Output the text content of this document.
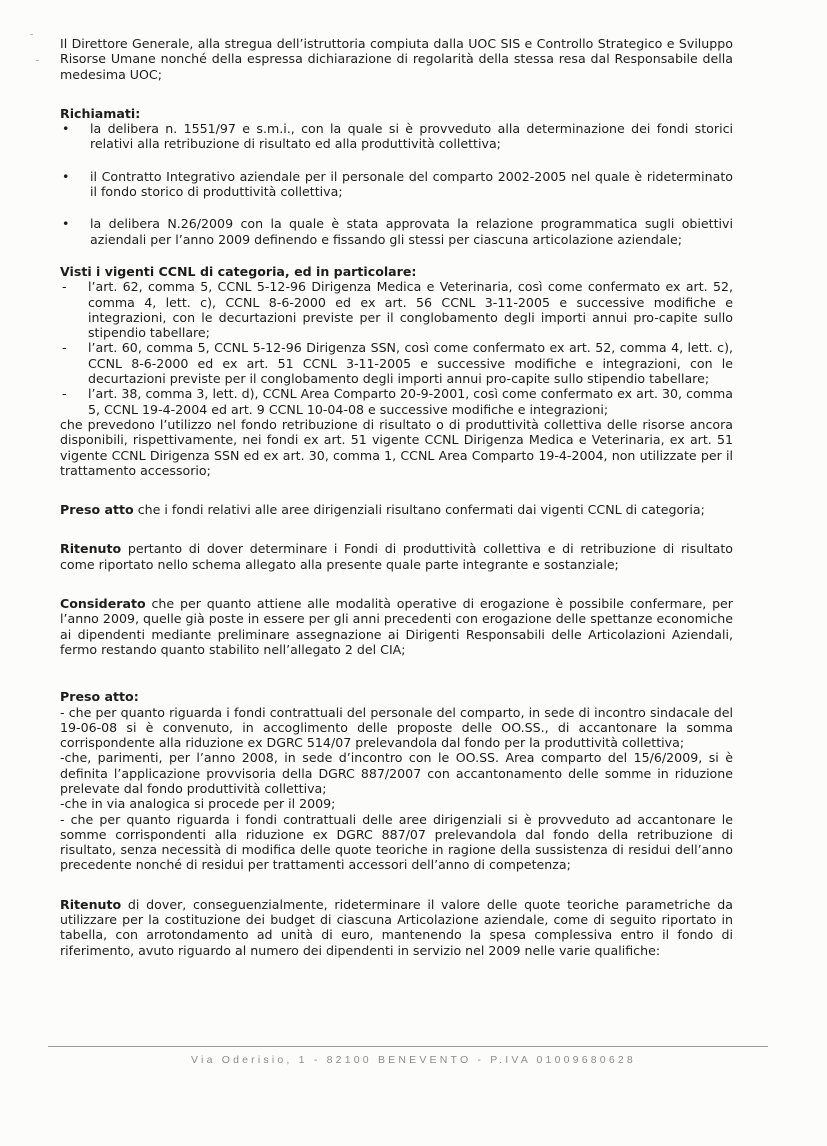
Il Direttore Generale, alla stregua dell’istruttoria compiuta dalla UOC SIS e Controllo Strategico e Sviluppo Risorse Umane nonché della espressa dichiarazione di regolarità della stessa resa dal Responsabile della medesima UOC;

Richiamati:

•	la delibera n. 1551/97 e s.m.i., con la quale si è provveduto alla determinazione dei fondi storici relativi alla retribuzione di risultato ed alla produttività collettiva;
•	il Contratto Integrativo aziendale per il personale del comparto 2002-2005 nel quale è rideterminato il fondo storico di produttività collettiva;
•	la delibera N.26/2009 con la quale è stata approvata la relazione programmatica sugli obiettivi aziendali per l’anno 2009 definendo e fissando gli stessi per ciascuna articolazione aziendale;

Visti i vigenti CCNL di categoria, ed in particolare:

-	l’art. 62, comma 5, CCNL 5-12-96 Dirigenza Medica e Veterinaria, così come confermato ex art. 52, comma 4, lett. c), CCNL 8-6-2000 ed ex art. 56 CCNL 3-11-2005 e successive modifiche e integrazioni, con le decurtazioni previste per il conglobamento degli importi annui pro-capite sullo stipendio tabellare;
-	l’art. 60, comma 5, CCNL 5-12-96 Dirigenza SSN, così come confermato ex art. 52, comma 4, lett. c), CCNL 8-6-2000 ed ex art. 51 CCNL 3-11-2005 e successive modifiche e integrazioni, con le decurtazioni previste per il conglobamento degli importi annui pro-capite sullo stipendio tabellare;
-	l’art. 38, comma 3, lett. d), CCNL Area Comparto 20-9-2001, così come confermato ex art. 30, comma 5, CCNL 19-4-2004 ed art. 9 CCNL 10-04-08 e successive modifiche e integrazioni;

che prevedono l’utilizzo nel fondo retribuzione di risultato o di produttività collettiva delle risorse ancora disponibili, rispettivamente, nei fondi ex art. 51 vigente CCNL Dirigenza Medica e Veterinaria, ex art. 51 vigente CCNL Dirigenza SSN ed ex art. 30, comma 1, CCNL Area Comparto 19-4-2004, non utilizzate per il trattamento accessorio;

Preso atto che i fondi relativi alle aree dirigenziali risultano confermati dai vigenti CCNL di categoria;

Ritenuto pertanto di dover determinare i Fondi di produttività collettiva e di retribuzione di risultato come riportato nello schema allegato alla presente quale parte integrante e sostanziale;

Considerato che per quanto attiene alle modalità operative di erogazione è possibile confermare, per l’anno 2009, quelle già poste in essere per gli anni precedenti con erogazione delle spettanze economiche ai dipendenti mediante preliminare assegnazione ai Dirigenti Responsabili delle Articolazioni Aziendali, fermo restando quanto stabilito nell’allegato 2 del CIA;

Preso atto:

- che per quanto riguarda i fondi contrattuali del personale del comparto, in sede di incontro sindacale del 19-06-08 si è convenuto, in accoglimento delle proposte delle OO.SS., di accantonare la somma corrispondente alla riduzione ex DGRC 514/07 prelevandola dal fondo per la produttività collettiva;

-che, parimenti, per l’anno 2008, in sede d’incontro con le OO.SS. Area comparto del 15/6/2009, si è definita l’applicazione provvisoria della DGRC 887/2007 con accantonamento delle somme in riduzione prelevate dal fondo produttività collettiva;

-che in via analogica si procede per il 2009;

- che per quanto riguarda i fondi contrattuali delle aree dirigenziali si è provveduto ad accantonare le somme corrispondenti alla riduzione ex DGRC 887/07 prelevandola dal fondo della retribuzione di risultato, senza necessità di modifica delle quote teoriche in ragione della sussistenza di residui dell’anno precedente nonché di residui per trattamenti accessori dell’anno di competenza;

Ritenuto di dover, conseguenzialmente, rideterminare il valore delle quote teoriche parametriche da utilizzare per la costituzione dei budget di ciascuna Articolazione aziendale, come di seguito riportato in tabella, con arrotondamento ad unità di euro, mantenendo la spesa complessiva entro il fondo di riferimento, avuto riguardo al numero dei dipendenti in servizio nel 2009 nelle varie qualifiche:

Via Oderisio, 1 - 82100 BENEVENTO - P.IVA 01009680628
